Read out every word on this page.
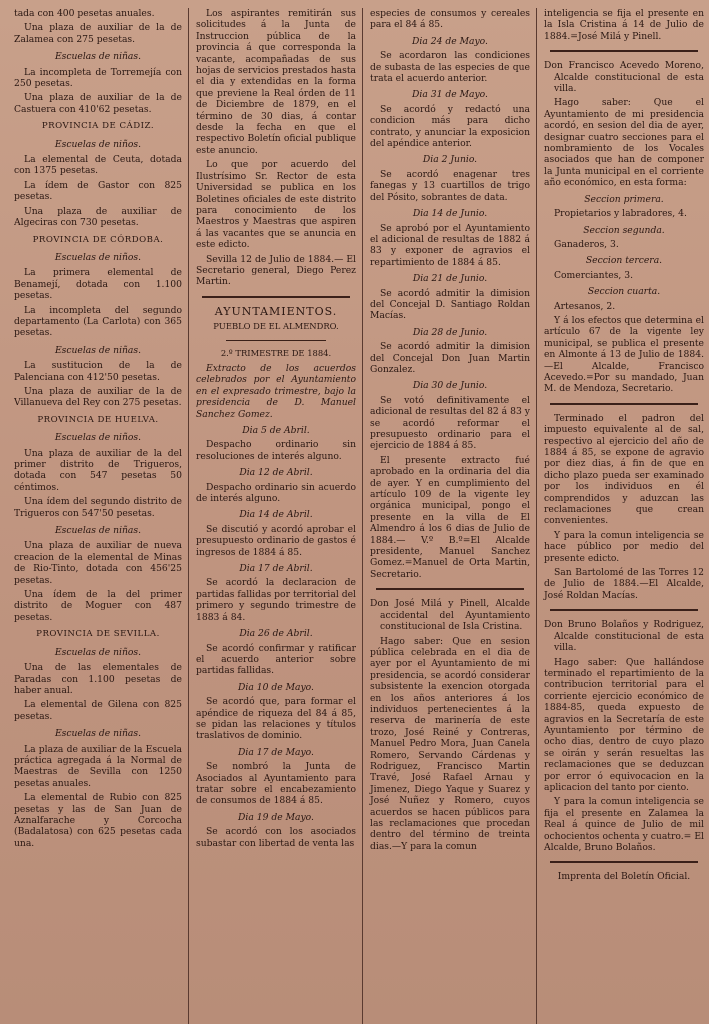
tada con 400 pesetas anuales.

Una plaza de auxiliar de la de Zalamea con 275 pesetas.

Escuelas de niñas.

La incompleta de Torremejía con 250 pesetas.

Una plaza de auxiliar de la de Castuera con 410'62 pesetas.

PROVINCIA DE CÁDIZ.
Escuelas de niños.

La elemental de Ceuta, dotada con 1375 pesetas.

La ídem de Gastor con 825 pesetas.

Una plaza de auxiliar de Algeciras con 730 pesetas.

PROVINCIA DE CÓRDOBA.
Escuelas de niños.

La primera elemental de Benamejí, dotada con 1.100 pesetas.

La incompleta del segundo departamento (La Carlota) con 365 pesetas.

Escuelas de niñas.

La sustitucion de la de Palenciana con 412'50 pesetas.

Una plaza de auxiliar de la de Villanueva del Rey con 275 pesetas.

PROVINCIA DE HUELVA.
Escuelas de niños.

Una plaza de auxiliar de la del primer distrito de Trigueros, dotada con 547 pesetas 50 céntimos.

Una ídem del segundo distrito de Trigueros con 547'50 pesetas.

Escuelas de niñas.

Una plaza de auxiliar de nueva creacion de la elemental de Minas de Rio-Tinto, dotada con 456'25 pesetas.

Una ídem de la del primer distrito de Moguer con 487 pesetas.

PROVINCIA DE SEVILLA.
Escuelas de niños.

Una de las elementales de Paradas con 1.100 pesetas de haber anual.

La elemental de Gilena con 825 pesetas.

Escuelas de niñas.

La plaza de auxiliar de la Escuela práctica agregada á la Normal de Maestras de Sevilla con 1250 pesetas anuales.

La elemental de Rubio con 825 pesetas y las de San Juan de Aznalfarache y Corcocha (Badalatosa) con 625 pesetas cada una.

Los aspirantes remitirán sus solicitudes á la Junta de Instruccion pública de la provincia á que corresponda la vacante, acompañadas de sus hojas de servicios prestados hasta el dia y extendidas en la forma que previene la Real órden de 11 de Diciembre de 1879, en el término de 30 dias, á contar desde la fecha en que el respectivo Boletín oficial publique este anuncio.

Lo que por acuerdo del Ilustrísimo Sr. Rector de esta Universidad se publica en los Boletines oficiales de este distrito para conocimiento de los Maestros y Maestras que aspiren á las vacantes que se anuncia en este edicto.

Sevilla 12 de Julio de 1884.— El Secretario general, Diego Perez Martin.

AYUNTAMIENTOS.
PUEBLO DE EL ALMENDRO.
2.º TRIMESTRE DE 1884.

Extracto de los acuerdos celebrados por el Ayuntamiento en el expresado trimestre, bajo la presidencia de D. Manuel Sanchez Gomez.

Dia 5 de Abril.

Despacho ordinario sin resoluciones de interés alguno.

Dia 12 de Abril.

Despacho ordinario sin acuerdo de interés alguno.

Dia 14 de Abril.

Se discutió y acordó aprobar el presupuesto ordinario de gastos é ingresos de 1884 á 85.

Dia 17 de Abril.

Se acordó la declaracion de partidas fallidas por territorial del primero y segundo trimestre de 1883 á 84.

Dia 26 de Abril.

Se acordó confirmar y ratificar el acuerdo anterior sobre partidas fallidas.

Dia 10 de Mayo.

Se acordó que, para formar el apéndice de riqueza del 84 á 85, se pidan las relaciones y títulos traslativos de dominio.

Dia 17 de Mayo.

Se nombró la Junta de Asociados al Ayuntamiento para tratar sobre el encabezamiento de consumos de 1884 á 85.

Dia 19 de Mayo.

Se acordó con los asociados subastar con libertad de venta las

especies de consumos y cereales para el 84 á 85.

Dia 24 de Mayo.

Se acordaron las condiciones de subasta de las especies de que trata el acuerdo anterior.

Dia 31 de Mayo.

Se acordó y redactó una condicion más para dicho contrato, y anunciar la exposicion del apéndice anterior.

Dia 2 Junio.

Se acordó enagenar tres fanegas y 13 cuartillos de trigo del Pósito, sobrantes de data.

Dia 14 de Junio.

Se aprobó por el Ayuntamiento el adicional de resultas de 1882 á 83 y exponer de agravios el repartimiento de 1884 á 85.

Dia 21 de Junio.

Se acordó admitir la dimision del Concejal D. Santiago Roldan Macías.

Dia 28 de Junio.

Se acordó admitir la dimision del Concejal Don Juan Martin Gonzalez.

Dia 30 de Junio.

Se votó definitivamente el adicional de resultas del 82 á 83 y se acordó reformar el presupuesto ordinario para el ejercicio de 1884 á 85.

El presente extracto fué aprobado en la ordinaria del dia de ayer. Y en cumplimiento del artículo 109 de la vigente ley orgánica municipal, pongo el presente en la villa de El Almendro á los 6 dias de Julio de 1884.— V.º B.º=El Alcalde presidente, Manuel Sanchez Gomez.=Manuel de Orta Martin, Secretario.

Don José Milá y Pinell, Alcalde accidental del Ayuntamiento constitucional de Isla Cristina.

Hago saber: Que en sesion pública celebrada en el dia de ayer por el Ayuntamiento de mi presidencia, se acordó considerar subsistente la exencion otorgada en los años anteriores á los individuos pertenecientes á la reserva de marinería de este trozo, José Reiné y Contreras, Manuel Pedro Mora, Juan Canela Romero, Servando Cárdenas y Rodriguez, Francisco Martin Travé, José Rafael Arnau y Jimenez, Diego Yaque y Suarez y José Nuñez y Romero, cuyos acuerdos se hacen públicos para las reclamaciones que procedan dentro del término de treinta dias.—Y para la comun

inteligencia se fija el presente en la Isla Cristina á 14 de Julio de 1884.=José Milá y Pinell.

Don Francisco Acevedo Moreno, Alcalde constitucional de esta villa.

Hago saber: Que el Ayuntamiento de mi presidencia acordó, en sesion del dia de ayer, designar cuatro secciones para el nombramiento de los Vocales asociados que han de componer la Junta municipal en el corriente año económico, en esta forma:

Seccion primera.

Propietarios y labradores, 4.

Seccion segunda.

Ganaderos, 3.

Seccion tercera.

Comerciantes, 3.

Seccion cuarta.

Artesanos, 2.

Y á los efectos que determina el artículo 67 de la vigente ley municipal, se publica el presente en Almonte á 13 de Julio de 1884.—El Alcalde, Francisco Acevedo.=Por su mandado, Juan M. de Mendoza, Secretario.

Terminado el padron del impuesto equivalente al de sal, respectivo al ejercicio del año de 1884 á 85, se expone de agravio por diez dias, á fin de que en dicho plazo pueda ser examinado por los individuos en él comprendidos y aduzcan las reclamaciones que crean convenientes.

Y para la comun inteligencia se hace público por medio del presente edicto.

San Bartolomé de las Torres 12 de Julio de 1884.—El Alcalde, José Roldan Macías.

Don Bruno Bolaños y Rodriguez, Alcalde constitucional de esta villa.

Hago saber: Que hallándose terminado el repartimiento de la contribucion territorial para el corriente ejercicio económico de 1884-85, queda expuesto de agravios en la Secretaría de este Ayuntamiento por término de ocho dias, dentro de cuyo plazo se oirán y serán resueltas las reclamaciones que se deduzcan por error ó equivocacion en la aplicacion del tanto por ciento.

Y para la comun inteligencia se fija el presente en Zalamea la Real á quince de Julio de mil ochocientos ochenta y cuatro.= El Alcalde, Bruno Bolaños.

Imprenta del Boletín Oficial.
